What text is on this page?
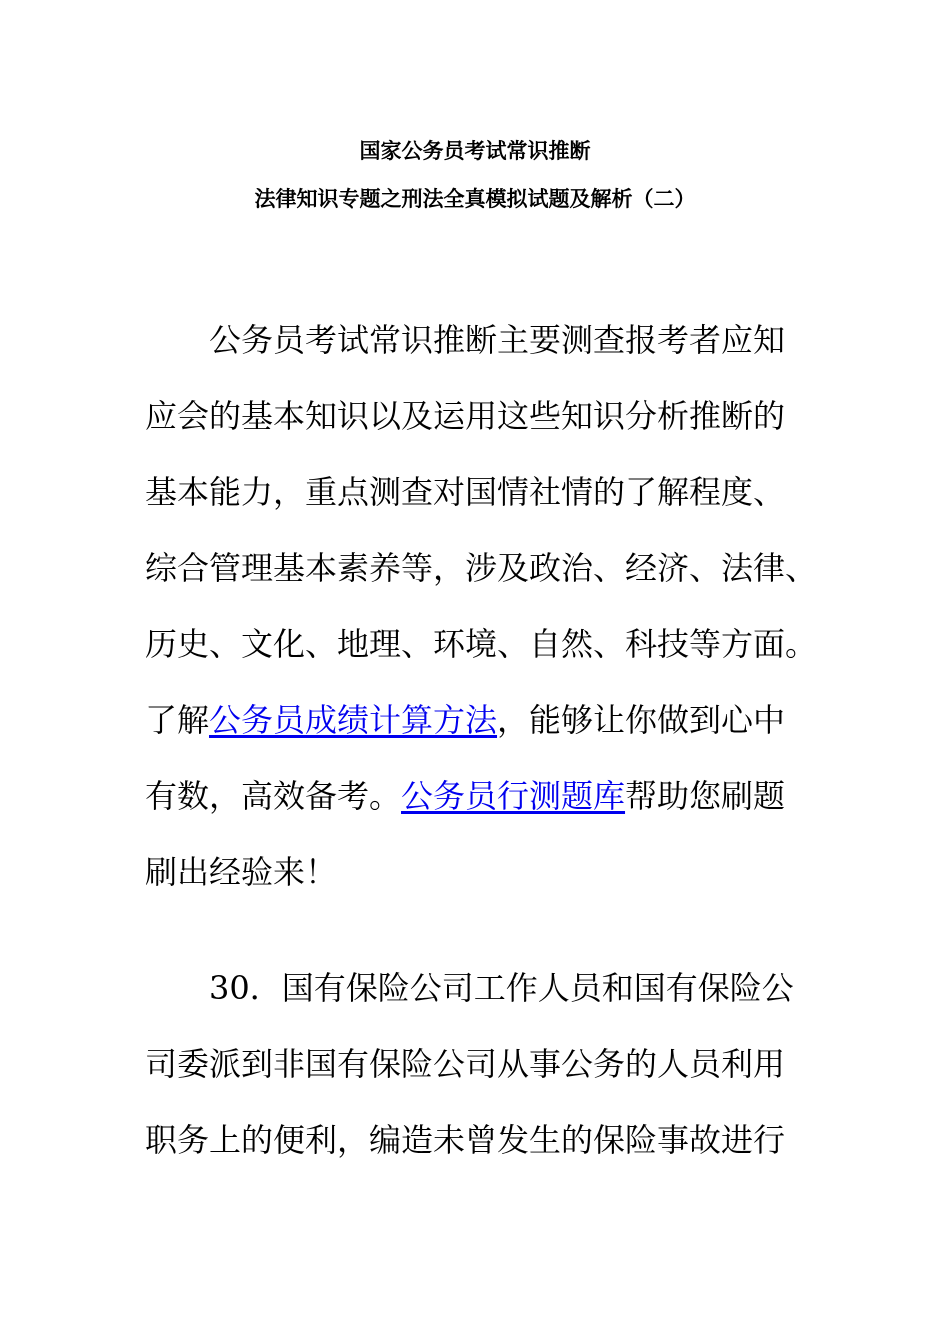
国家公务员考试常识推断
法律知识专题之刑法全真模拟试题及解析（二）
公务员考试常识推断主要测查报考者应知
应会的基本知识以及运用这些知识分析推断的
基本能力，重点测查对国情社情的了解程度、
综合管理基本素养等，涉及政治、经济、法律、
历史、文化、地理、环境、自然、科技等方面。
了解公务员成绩计算方法，能够让你做到心中
有数，高效备考。公务员行测题库帮助您刷题
刷出经验来！
30．国有保险公司工作人员和国有保险公
司委派到非国有保险公司从事公务的人员利用
职务上的便利，编造未曾发生的保险事故进行
